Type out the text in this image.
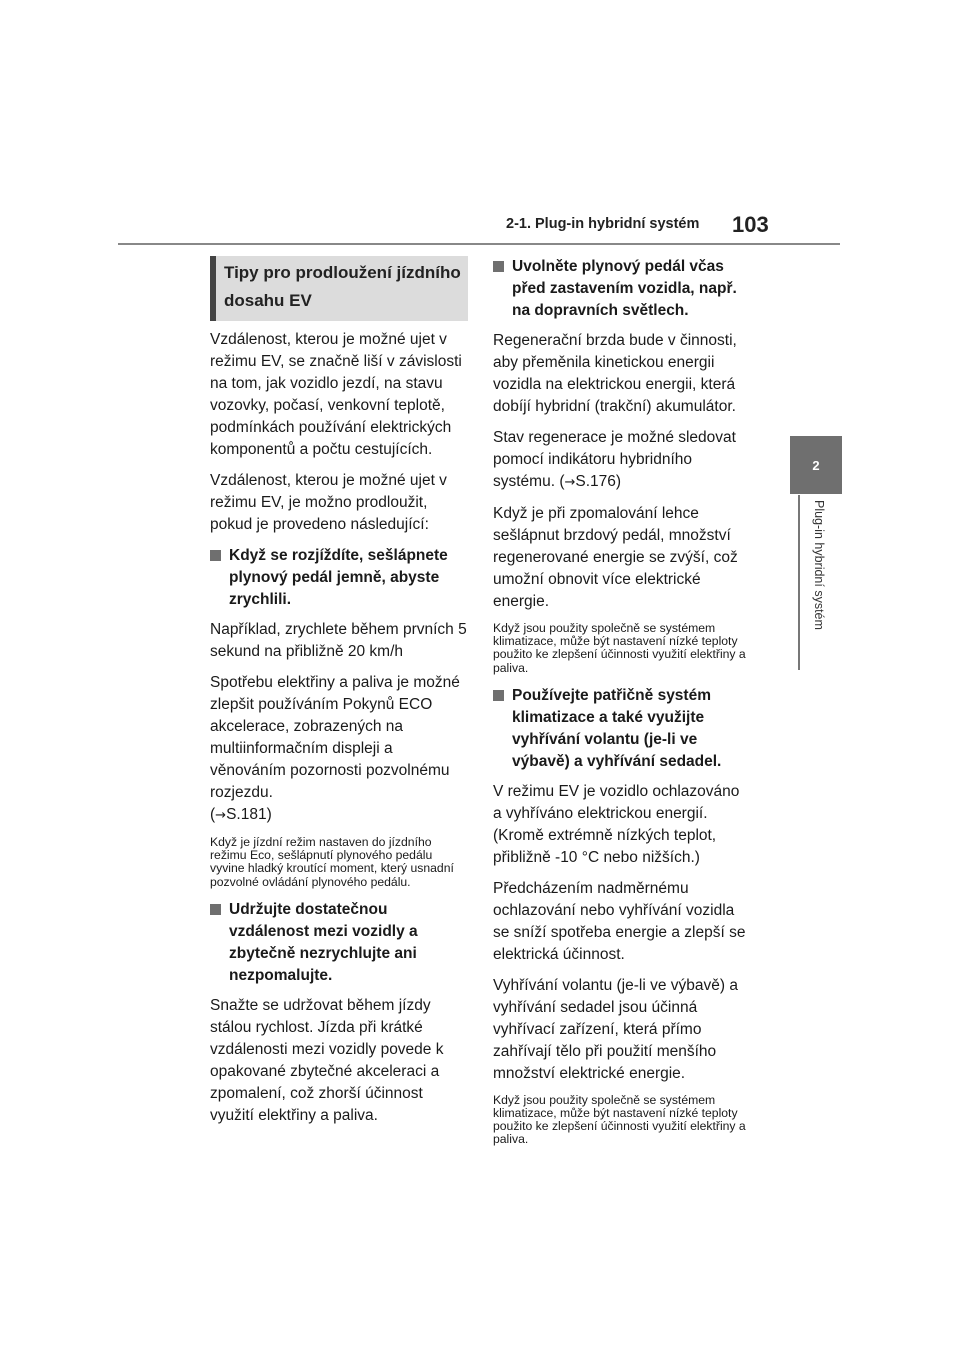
2-1. Plug-in hybridní systém 103
2
Plug-in hybridní systém
Tipy pro prodloužení jízdního dosahu EV

Vzdálenost, kterou je možné ujet v režimu EV, se značně liší v závislosti na tom, jak vozidlo jezdí, na stavu vozovky, počasí, venkovní teplotě, podmínkách používání elektrických komponentů a počtu cestujících.

Vzdálenost, kterou je možné ujet v režimu EV, je možno prodloužit, pokud je provedeno následující:

Když se rozjíždíte, sešlápnete plynový pedál jemně, abyste zrychlili.

Například, zrychlete během prvních 5 sekund na přibližně 20 km/h

Spotřebu elektřiny a paliva je možné zlepšit používáním Pokynů ECO akcelerace, zobrazených na multiinformačním displeji a věnováním pozornosti pozvolnému rozjezdu.
(→S.181)

Když je jízdní režim nastaven do jízdního režimu Eco, sešlápnutí plynového pedálu vyvine hladký kroutící moment, který usnadní pozvolné ovládání plynového pedálu.

Udržujte dostatečnou vzdálenost mezi vozidly a zbytečně nezrychlujte ani nezpomalujte.

Snažte se udržovat během jízdy stálou rychlost. Jízda při krátké vzdálenosti mezi vozidly povede k opakované zbytečné akceleraci a zpomalení, což zhorší účinnost využití elektřiny a paliva.

Uvolněte plynový pedál včas před zastavením vozidla, např. na dopravních světlech.

Regenerační brzda bude v činnosti, aby přeměnila kinetickou energii vozidla na elektrickou energii, která dobíjí hybridní (trakční) akumulátor.

Stav regenerace je možné sledovat pomocí indikátoru hybridního systému. (→S.176)

Když je při zpomalování lehce sešlápnut brzdový pedál, množství regenerované energie se zvýší, což umožní obnovit více elektrické energie.

Když jsou použity společně se systémem klimatizace, může být nastavení nízké teploty použito ke zlepšení účinnosti využití elektřiny a paliva.

Používejte patřičně systém klimatizace a také využijte vyhřívání volantu (je-li ve výbavě) a vyhřívání sedadel.

V režimu EV je vozidlo ochlazováno a vyhříváno elektrickou energií. (Kromě extrémně nízkých teplot, přibližně -10 °C nebo nižších.)

Předcházením nadměrnému ochlazování nebo vyhřívání vozidla se sníží spotřeba energie a zlepší se elektrická účinnost.

Vyhřívání volantu (je-li ve výbavě) a vyhřívání sedadel jsou účinná vyhřívací zařízení, která přímo zahřívají tělo při použití menšího množství elektrické energie.

Když jsou použity společně se systémem klimatizace, může být nastavení nízké teploty použito ke zlepšení účinnosti využití elektřiny a paliva.
